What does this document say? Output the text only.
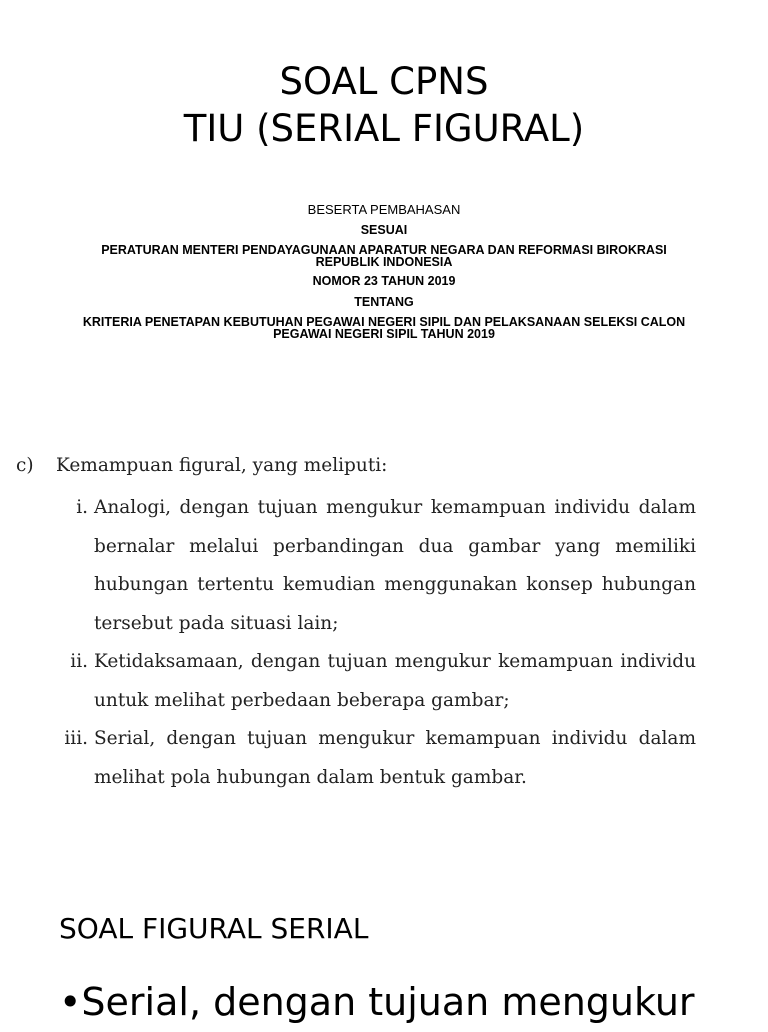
SOAL CPNS
TIU (SERIAL FIGURAL)
BESERTA PEMBAHASAN
SESUAI
PERATURAN MENTERI PENDAYAGUNAAN APARATUR NEGARA DAN REFORMASI BIROKRASI
REPUBLIK INDONESIA
NOMOR 23 TAHUN 2019
TENTANG
KRITERIA PENETAPAN KEBUTUHAN PEGAWAI NEGERI SIPIL DAN PELAKSANAAN SELEKSI CALON
PEGAWAI NEGERI SIPIL TAHUN 2019
c) Kemampuan figural, yang meliputi:
i. Analogi, dengan tujuan mengukur kemampuan individu dalam bernalar melalui perbandingan dua gambar yang memiliki hubungan tertentu kemudian menggunakan konsep hubungan tersebut pada situasi lain;
ii. Ketidaksamaan, dengan tujuan mengukur kemampuan individu untuk melihat perbedaan beberapa gambar;
iii. Serial, dengan tujuan mengukur kemampuan individu dalam melihat pola hubungan dalam bentuk gambar.
SOAL FIGURAL SERIAL
•Serial, dengan tujuan mengukur
